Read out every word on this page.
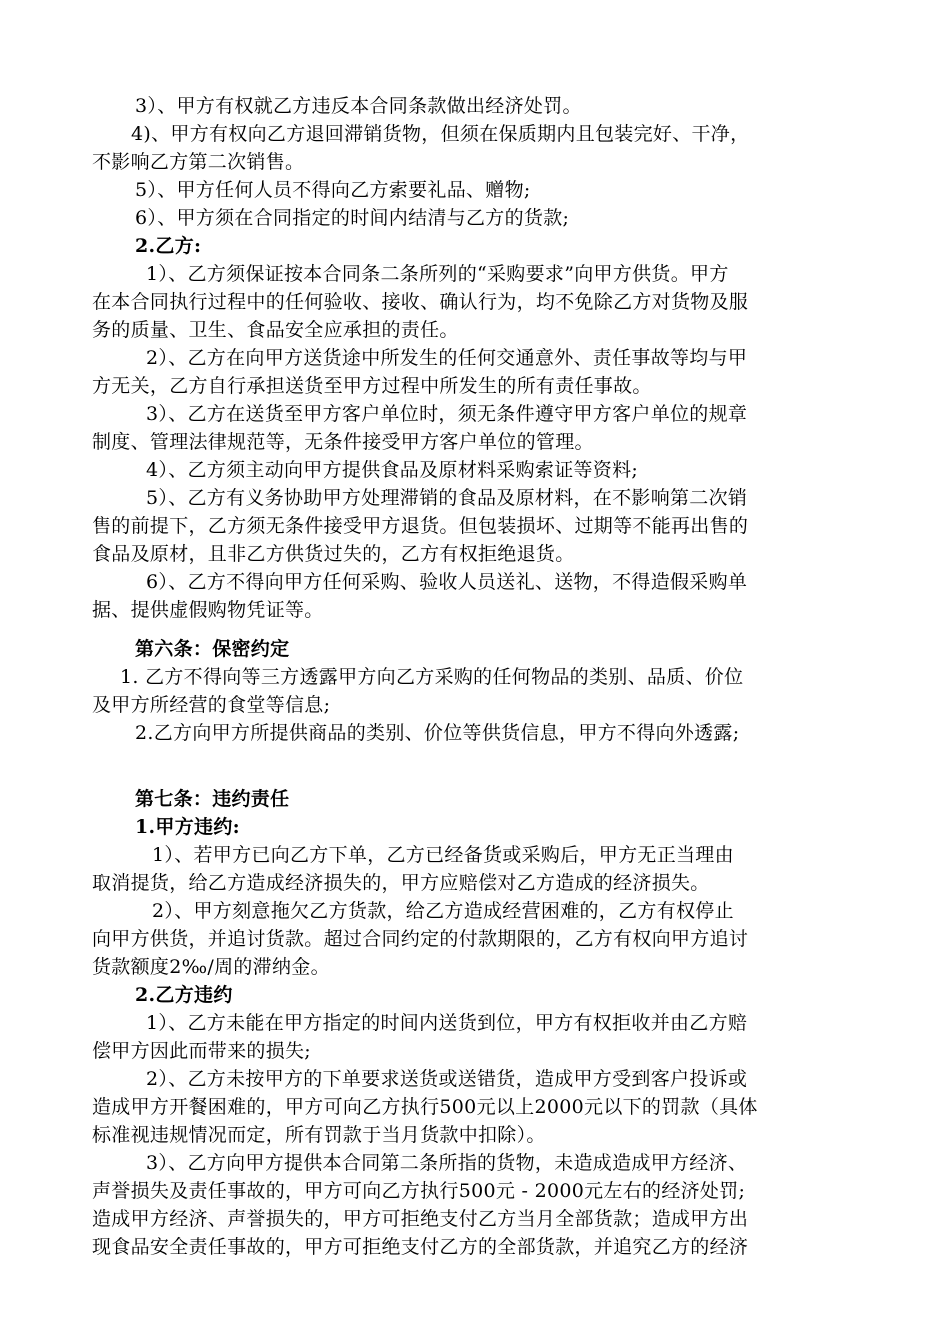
3）、甲方有权就乙方违反本合同条款做出经济处罚。
4)、甲方有权向乙方退回滞销货物，但须在保质期内且包装完好、干净，
不影响乙方第二次销售。
5）、甲方任何人员不得向乙方索要礼品、赠物;
6）、甲方须在合同指定的时间内结清与乙方的货款;
2.乙方:
1）、乙方须保证按本合同条二条所列的“采购要求”向甲方供货。甲方
在本合同执行过程中的任何验收、接收、确认行为，均不免除乙方对货物及服
务的质量、卫生、食品安全应承担的责任。
2）、乙方在向甲方送货途中所发生的任何交通意外、责任事故等均与甲
方无关，乙方自行承担送货至甲方过程中所发生的所有责任事故。
3）、乙方在送货至甲方客户单位时，须无条件遵守甲方客户单位的规章
制度、管理法律规范等，无条件接受甲方客户单位的管理。
4）、乙方须主动向甲方提供食品及原材料采购索证等资料;
5）、乙方有义务协助甲方处理滞销的食品及原材料，在不影响第二次销
售的前提下，乙方须无条件接受甲方退货。但包装损坏、过期等不能再出售的
食品及原材，且非乙方供货过失的，乙方有权拒绝退货。
6）、乙方不得向甲方任何采购、验收人员送礼、送物，不得造假采购单
据、提供虚假购物凭证等。
第六条：保密约定
1. 乙方不得向等三方透露甲方向乙方采购的任何物品的类别、品质、价位
及甲方所经营的食堂等信息;
2.乙方向甲方所提供商品的类别、价位等供货信息，甲方不得向外透露;
第七条：违约责任
1.甲方违约:
1）、若甲方已向乙方下单，乙方已经备货或采购后，甲方无正当理由
取消提货，给乙方造成经济损失的，甲方应赔偿对乙方造成的经济损失。
2）、甲方刻意拖欠乙方货款，给乙方造成经营困难的，乙方有权停止
向甲方供货，并追讨货款。超过合同约定的付款期限的，乙方有权向甲方追讨
货款额度2‰/周的滞纳金。
2.乙方违约
1）、乙方未能在甲方指定的时间内送货到位，甲方有权拒收并由乙方赔
偿甲方因此而带来的损失;
2）、乙方未按甲方的下单要求送货或送错货，造成甲方受到客户投诉或
造成甲方开餐困难的，甲方可向乙方执行500元以上2000元以下的罚款（具体
标准视违规情况而定，所有罚款于当月货款中扣除）。
3）、乙方向甲方提供本合同第二条所指的货物，未造成造成甲方经济、
声誉损失及责任事故的，甲方可向乙方执行500元 - 2000元左右的经济处罚;
造成甲方经济、声誉损失的，甲方可拒绝支付乙方当月全部货款；造成甲方出
现食品安全责任事故的，甲方可拒绝支付乙方的全部货款，并追究乙方的经济
